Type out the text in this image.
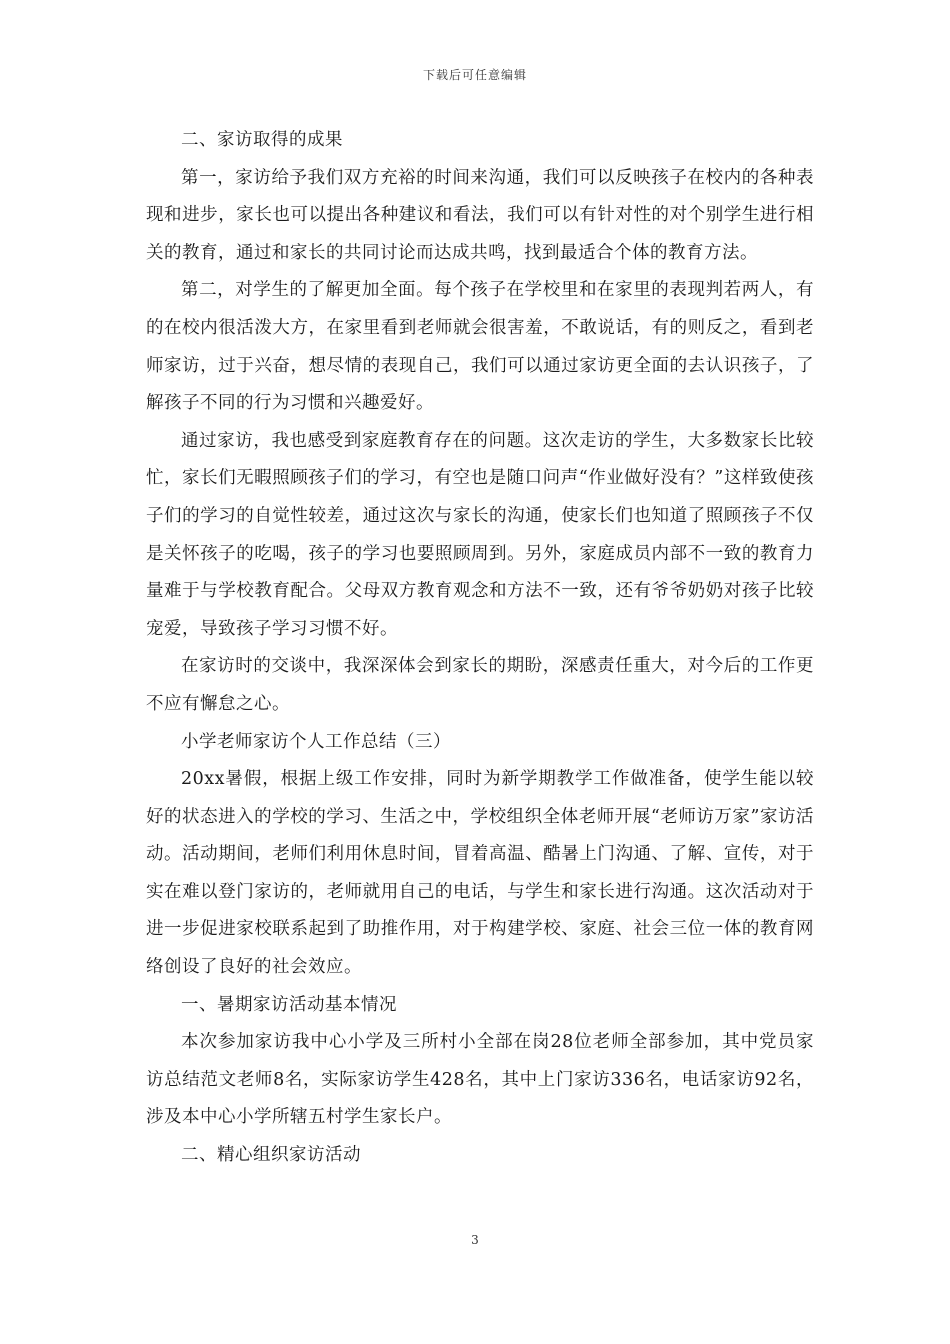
下载后可任意编辑

二、家访取得的成果

第一，家访给予我们双方充裕的时间来沟通，我们可以反映孩子在校内的各种表现和进步，家长也可以提出各种建议和看法，我们可以有针对性的对个别学生进行相关的教育，通过和家长的共同讨论而达成共鸣，找到最适合个体的教育方法。

第二，对学生的了解更加全面。每个孩子在学校里和在家里的表现判若两人，有的在校内很活泼大方，在家里看到老师就会很害羞，不敢说话，有的则反之，看到老师家访，过于兴奋，想尽情的表现自己，我们可以通过家访更全面的去认识孩子，了解孩子不同的行为习惯和兴趣爱好。

通过家访，我也感受到家庭教育存在的问题。这次走访的学生，大多数家长比较忙，家长们无暇照顾孩子们的学习，有空也是随口问声“作业做好没有？”这样致使孩子们的学习的自觉性较差，通过这次与家长的沟通，使家长们也知道了照顾孩子不仅是关怀孩子的吃喝，孩子的学习也要照顾周到。另外，家庭成员内部不一致的教育力量难于与学校教育配合。父母双方教育观念和方法不一致，还有爷爷奶奶对孩子比较宠爱，导致孩子学习习惯不好。

在家访时的交谈中，我深深体会到家长的期盼，深感责任重大，对今后的工作更不应有懈怠之心。

小学老师家访个人工作总结（三）

20xx暑假，根据上级工作安排，同时为新学期教学工作做准备，使学生能以较好的状态进入的学校的学习、生活之中，学校组织全体老师开展“老师访万家”家访活动。活动期间，老师们利用休息时间，冒着高温、酷暑上门沟通、了解、宣传，对于实在难以登门家访的，老师就用自己的电话，与学生和家长进行沟通。这次活动对于进一步促进家校联系起到了助推作用，对于构建学校、家庭、社会三位一体的教育网络创设了良好的社会效应。

一、暑期家访活动基本情况

本次参加家访我中心小学及三所村小全部在岗28位老师全部参加，其中党员家访总结范文老师8名，实际家访学生428名，其中上门家访336名，电话家访92名，涉及本中心小学所辖五村学生家长户。

二、精心组织家访活动

3
